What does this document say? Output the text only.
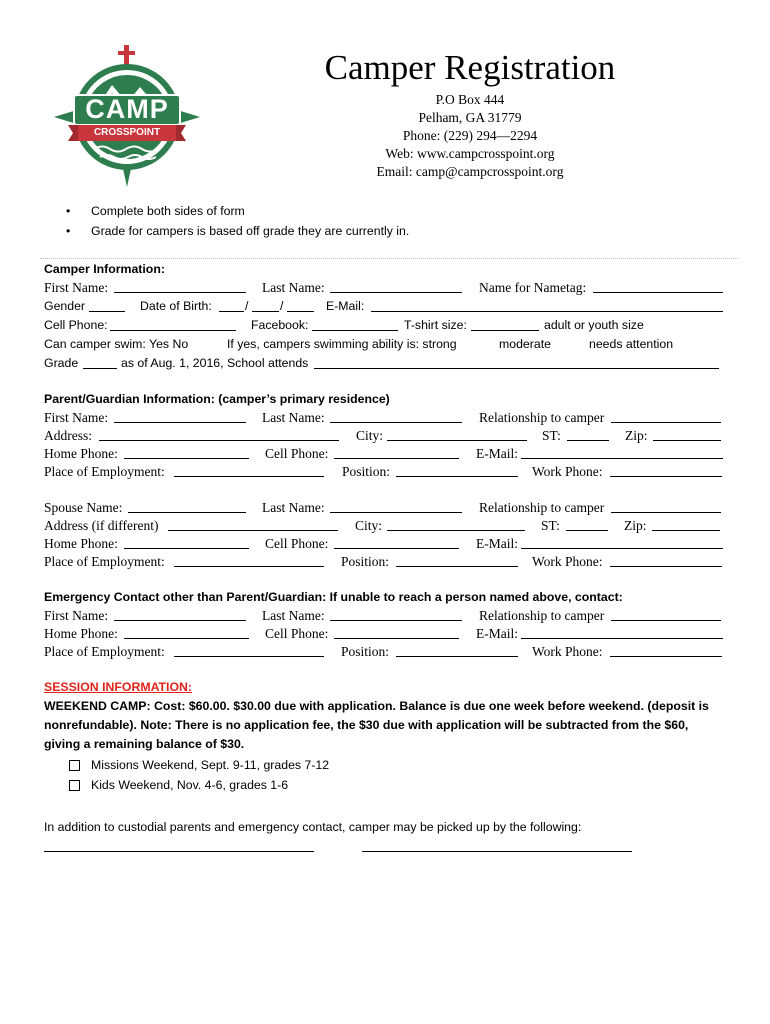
CAMP
CROSSPOINT
Camper Registration
P.O Box 444
Pelham, GA 31779
Phone: (229) 294—2294
Web: www.campcrosspoint.org
Email: camp@campcrosspoint.org
• Complete both sides of form
• Grade for campers is based off grade they are currently in.
Camper Information:
First Name:	Last Name:	Name for Nametag:
Gender	Date of Birth:	/	/	E-Mail:
Cell Phone:	Facebook:	T-shirt size:	adult or youth size
Can camper swim: Yes No	If yes, campers swimming ability is: strong	moderate	needs attention
Grade	as of Aug. 1, 2016, School attends
Parent/Guardian Information: (camper’s primary residence)
First Name:	Last Name:	Relationship to camper
Address:	City:	ST:	Zip:
Home Phone:	Cell Phone:	E-Mail:
Place of Employment:	Position:	Work Phone:
Spouse Name:	Last Name:	Relationship to camper
Address (if different)	City:	ST:	Zip:
Home Phone:	Cell Phone:	E-Mail:
Place of Employment:	Position:	Work Phone:
Emergency Contact other than Parent/Guardian: If unable to reach a person named above, contact:
First Name:	Last Name:	Relationship to camper
Home Phone:	Cell Phone:	E-Mail:
Place of Employment:	Position:	Work Phone:
SESSION INFORMATION:
WEEKEND CAMP: Cost: $60.00. $30.00 due with application. Balance is due one week before weekend. (deposit is
nonrefundable). Note: There is no application fee, the $30 due with application will be subtracted from the $60,
giving a remaining balance of $30.
Missions Weekend, Sept. 9-11, grades 7-12
Kids Weekend, Nov. 4-6, grades 1-6
In addition to custodial parents and emergency contact, camper may be picked up by the following:
